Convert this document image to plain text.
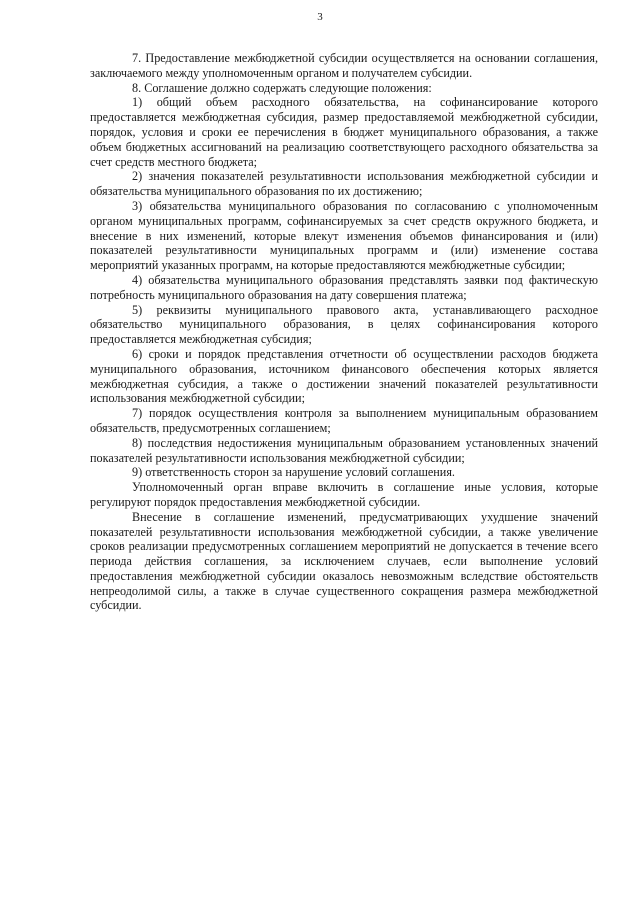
3

7. Предоставление межбюджетной субсидии осуществляется на основании соглашения, заключаемого между уполномоченным органом и получателем субсидии.

8. Соглашение должно содержать следующие положения:

1) общий объем расходного обязательства, на софинансирование которого предоставляется межбюджетная субсидия, размер предоставляемой межбюджетной субсидии, порядок, условия и сроки ее перечисления в бюджет муниципального образования, а также объем бюджетных ассигнований на реализацию соответствующего расходного обязательства за счет средств местного бюджета;

2) значения показателей результативности использования межбюджетной субсидии и обязательства муниципального образования по их достижению;

3) обязательства муниципального образования по согласованию с уполномоченным органом муниципальных программ, софинансируемых за счет средств окружного бюджета, и внесение в них изменений, которые влекут изменения объемов финансирования и (или) показателей результативности муниципальных программ и (или) изменение состава мероприятий указанных программ, на которые предоставляются межбюджетные субсидии;

4) обязательства муниципального образования представлять заявки под фактическую потребность муниципального образования на дату совершения платежа;

5) реквизиты муниципального правового акта, устанавливающего расходное обязательство муниципального образования, в целях софинансирования которого предоставляется межбюджетная субсидия;

6) сроки и порядок представления отчетности об осуществлении расходов бюджета муниципального образования, источником финансового обеспечения которых является межбюджетная субсидия, а также о достижении значений показателей результативности использования межбюджетной субсидии;

7) порядок осуществления контроля за выполнением муниципальным образованием обязательств, предусмотренных соглашением;

8) последствия недостижения муниципальным образованием установленных значений показателей результативности использования межбюджетной субсидии;

9) ответственность сторон за нарушение условий соглашения.

Уполномоченный орган вправе включить в соглашение иные условия, которые регулируют порядок предоставления межбюджетной субсидии.

Внесение в соглашение изменений, предусматривающих ухудшение значений показателей результативности использования межбюджетной субсидии, а также увеличение сроков реализации предусмотренных соглашением мероприятий не допускается в течение всего периода действия соглашения, за исключением случаев, если выполнение условий предоставления межбюджетной субсидии оказалось невозможным вследствие обстоятельств непреодолимой силы, а также в случае существенного сокращения размера межбюджетной субсидии.
